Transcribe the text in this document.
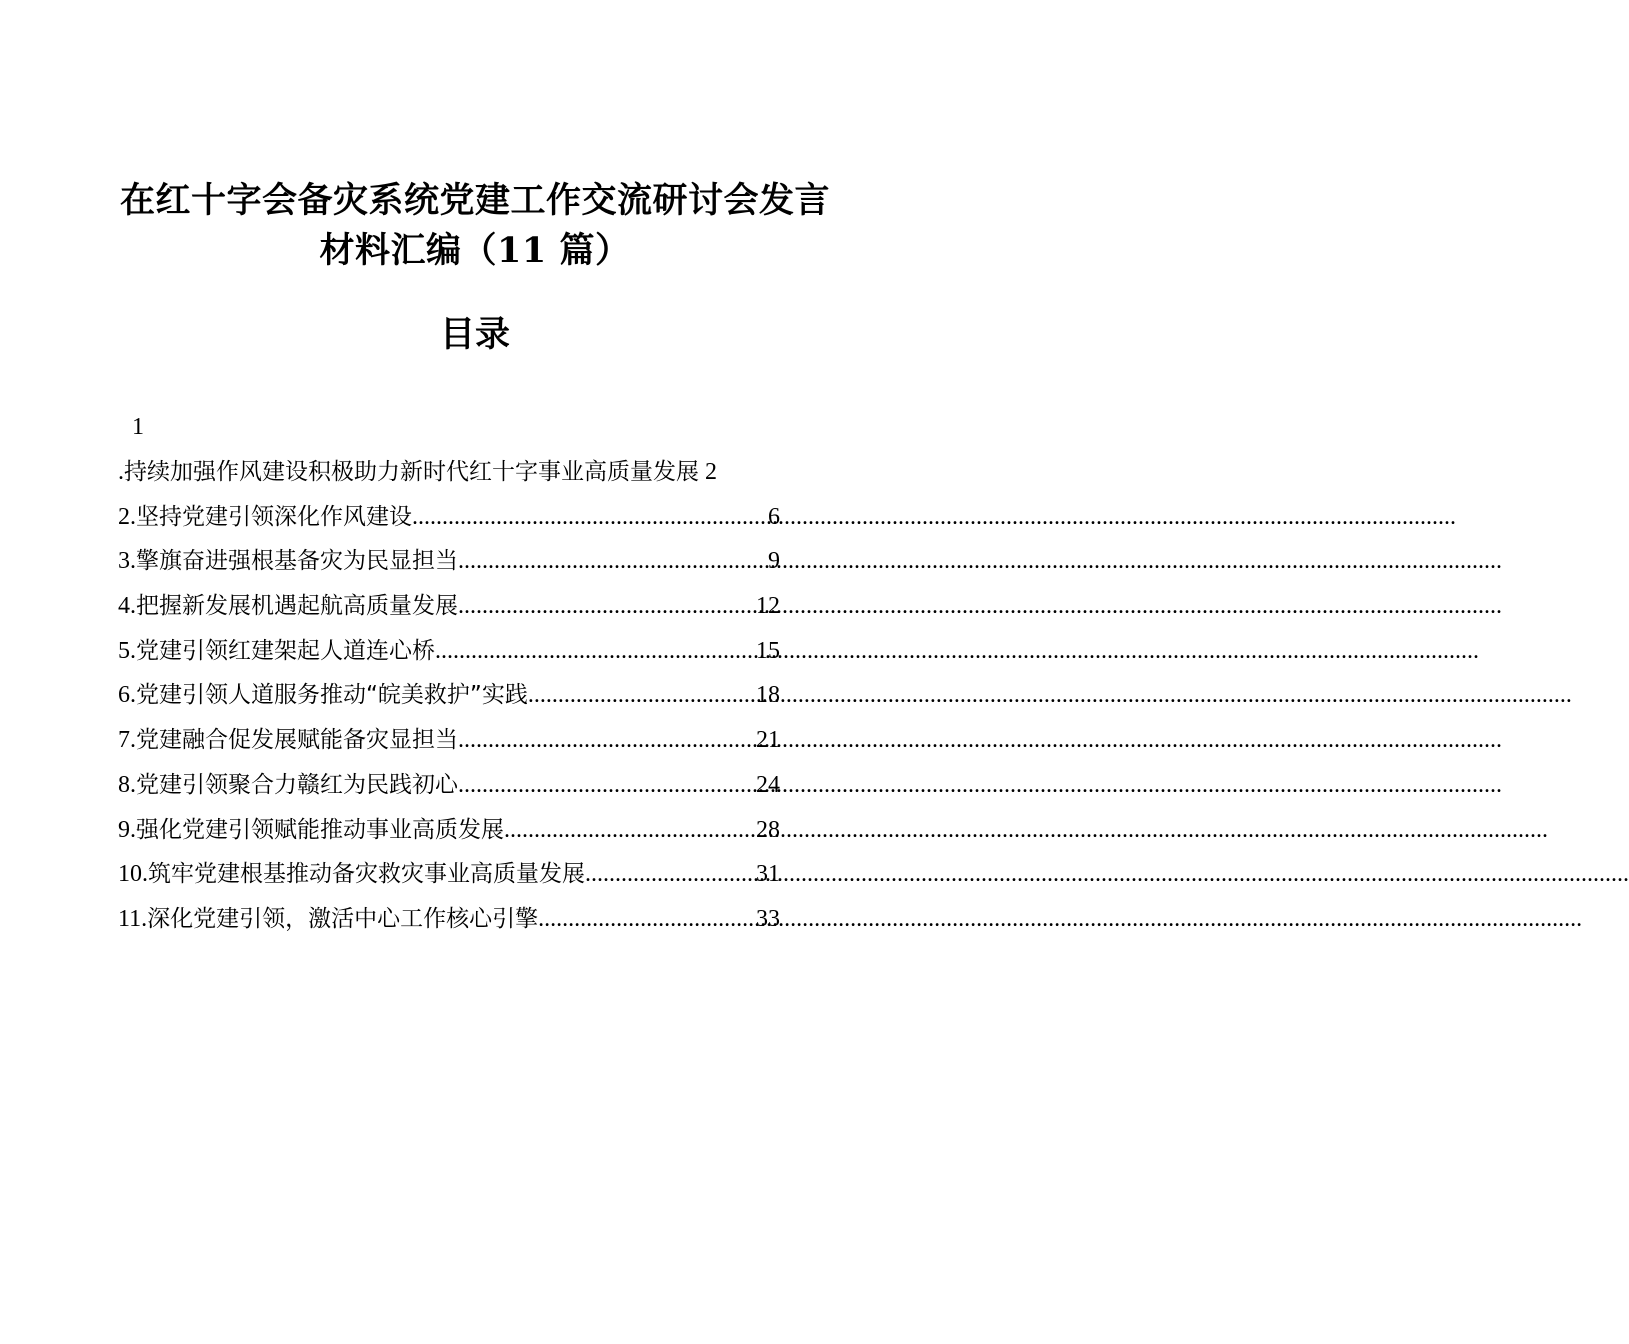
在红十字会备灾系统党建工作交流研讨会发言
材料汇编（11 篇）
目录
1
. 持续加强作风建设积极助力新时代红十字事业高质量发展 2
2. 坚持党建引领深化作风建设 .....	6
3. 擎旗奋进强根基备灾为民显担当 .....	9
4. 把握新发展机遇起航高质量发展 .....	12
5. 党建引领红建架起人道连心桥 .....	15
6. 党建引领人道服务推动“皖美救护”实践 .....	18
7. 党建融合促发展赋能备灾显担当 .....	21
8. 党建引领聚合力赣红为民践初心 .....	24
9. 强化党建引领赋能推动事业高质发展 .....	28
10. 筑牢党建根基推动备灾救灾事业高质量发展 .....	31
11. 深化党建引领，激活中心工作核心引擎 .....	33
